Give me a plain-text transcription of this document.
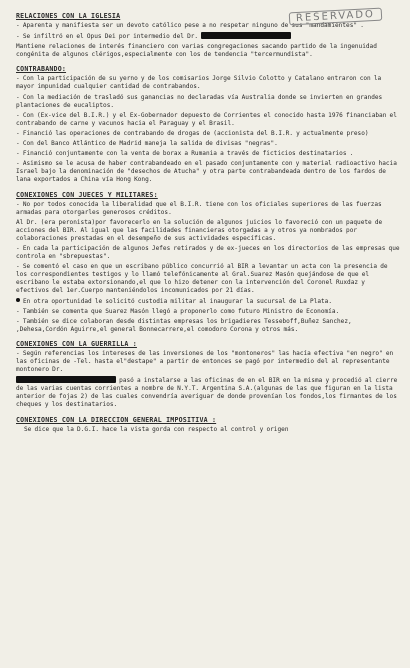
RESERVADO
RELACIONES CON LA IGLESIA

- Aparenta y manifiesta ser un devoto católico pese a no respetar ninguno de sus "mandamientes" .

- Se infiltró en el Opus Dei por intermedio del Dr.

Mantiene relaciones de interés financiero con varias congregaciones sacando partido de la ingenuidad congénita de algunos clérigos,especialmente con los de tendencia "tercermundista".

CONTRABANDO:

- Con la participación de su yerno y de los comisarios Jorge Silvio Colotto y Catalano entraron con la mayor impunidad cualquier cantidad de contrabandos.

- Con la mediación de trasladó sus ganancias no declaradas vía Australia donde se invierten en grandes plantaciones de eucaliptos.

- Con (Ex-vice del B.I.R.) y el Ex-Gobernador depuesto de Corrientes el conocido hasta 1976 financiaban el contrabando de carne y vacunos hacia el Paraguay y el Brasil.

- Financió las operaciones de contrabando de drogas de (accionista del B.I.R. y actualmente preso)

- Con del Banco Atlántico de Madrid maneja la salida de divisas "negras".

- Financió conjuntamente con la venta de borax a Rumania a través de ficticios destinatarios .

- Asimismo se le acusa de haber contrabandeado en el pasado conjuntamente con y material radioactivo hacia Israel bajo la denominación de "desechos de Atucha" y otra parte contrabandeada dentro de los fardos de lana exportados a China vía Hong Kong.

CONEXIONES CON JUECES Y MILITARES:

- No por todos conocida la liberalidad que el B.I.R. tiene con los oficiales superiores de las fuerzas armadas para otorgarles generosos créditos.

Al Dr. (era peronista)por favorecerlo en la solución de algunos juicios lo favoreció con un paquete de acciones del BIR. Al igual que las facilidades financieras otorgadas a y otros ya nombrados por colaboraciones prestadas en el desempeño de sus actividades específicas.

- En cada la participación de algunos Jefes retirados y de ex-jueces en los directorios de las empresas que controla en "sbrepuestas".

- Se comentó el caso en que un escribano público concurrió al BIR a levantar un acta con la presencia de los correspondientes testigos y lo llamó telefónicamente al Gral.Suarez Masón quejándose de que el escribano le estaba extorsionando,el que lo hizo detener con la intervención del Coronel Ruxdaz y efectivos del 1er.Cuerpo manteniéndolos incomunicados por 21 días.

En otra oportunidad le solicitó custodia militar al inaugurar la sucursal de La Plata.

- También se comenta que Suarez Masón llegó a proponerlo como futuro Ministro de Economía.

- También se dice colaboran desde distintas empresas los brigadieres Tesseboff,Buñez Sanchez, ,Dehesa,Cordón Aguirre,el general Bonnecarrere,el comodoro Corona y otros más.

CONEXIONES CON LA GUERRILLA :

- Según referencias los intereses de las inversiones de los "montoneros" las hacía efectiva "en negro" en las oficinas de -Tel. hasta el"destape" a partir de entonces se pagó por intermedio del al representante montonero Dr.

pasó a instalarse a las oficinas de en el BIR en la misma y procedió al cierre de las varias cuentas corrientes a nombre de N.Y.T. Argentina S.A.(algunas de las que figuran en la lista anterior de fojas 2) de las cuales convendría averiguar de donde provenían los fondos,los firmantes de los cheques y los destinatarios.

CONEXIONES CON LA DIRECCION GENERAL IMPOSITIVA :

Se dice que la D.G.I. hace la vista gorda con respecto al control y origen
